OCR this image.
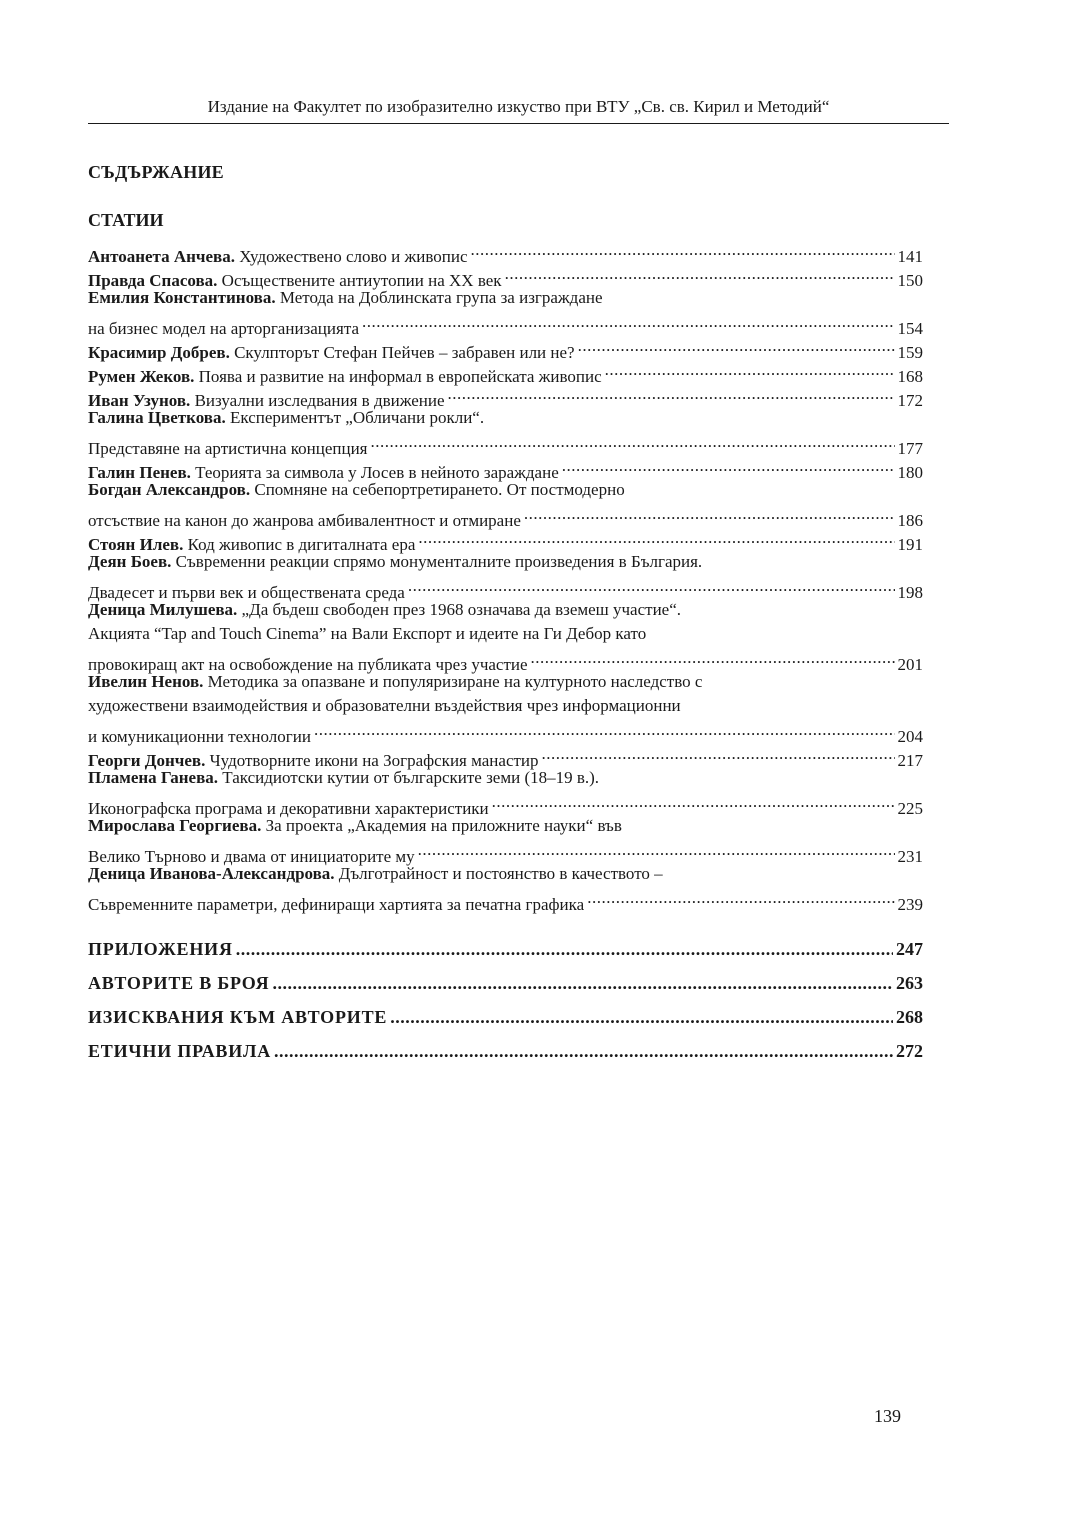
Издание на Факултет по изобразително изкуство при ВТУ „Св. св. Кирил и Методий“
СЪДЪРЖАНИЕ
СТАТИИ
Антоанета Анчева. Художествено слово и живопис .....	141
Правда Спасова. Осъществените антиутопии на XX век .....	150
Емилия Константинова. Метода на Доблинската група за изграждане
на бизнес модел на арторганизацията .....	154
Красимир Добрев. Скулпторът Стефан Пейчев – забравен или не? .....	159
Румен Жеков. Поява и развитие на информал в европейската живопис .....	168
Иван Узунов. Визуални изследвания в движение .....	172
Галина Цветкова. Експериментът „Обличани рокли“.
Представяне на артистична концепция .....	177
Галин Пенев. Теорията за символа у Лосев в нейното зараждане .....	180
Богдан Александров. Спомняне на себепортретирането. От постмодерно
отсъствие на канон до жанрова амбивалентност и отмиране .....	186
Стоян Илев. Код живопис в дигиталната ера .....	191
Деян Боев. Съвременни реакции спрямо монументалните произведения в България.
Двадесет и първи век и обществената среда .....	198
Деница Милушева. „Да бъдеш свободен през 1968 означава да вземеш участие“.
Акцията “Tap and Touch Cinema” на Вали Експорт и идеите на Ги Дебор като
провокиращ акт на освобождение на публиката чрез участие .....	201
Ивелин Ненов. Методика за опазване и популяризиране на културното наследство с
художествени взаимодействия и образователни въздействия чрез информационни
и комуникационни технологии .....	204
Георги Дончев. Чудотворните икони на Зографския манастир .....	217
Пламена Ганева. Таксидиотски кутии от българските земи (18–19 в.).
Иконографска програма и декоративни характеристики .....	225
Мирослава Георгиева. За проекта „Академия на приложните науки“ във
Велико Търново и двама от инициаторите му .....	231
Деница Иванова-Александрова. Дълготрайност и постоянство в качеството –
Съвременните параметри, дефиниращи хартията за печатна графика .....	239
ПРИЛОЖЕНИЯ .....	247
АВТОРИТЕ В БРОЯ .....	263
ИЗИСКВАНИЯ КЪМ АВТОРИТЕ .....	268
ЕТИЧНИ ПРАВИЛА .....	272
139
